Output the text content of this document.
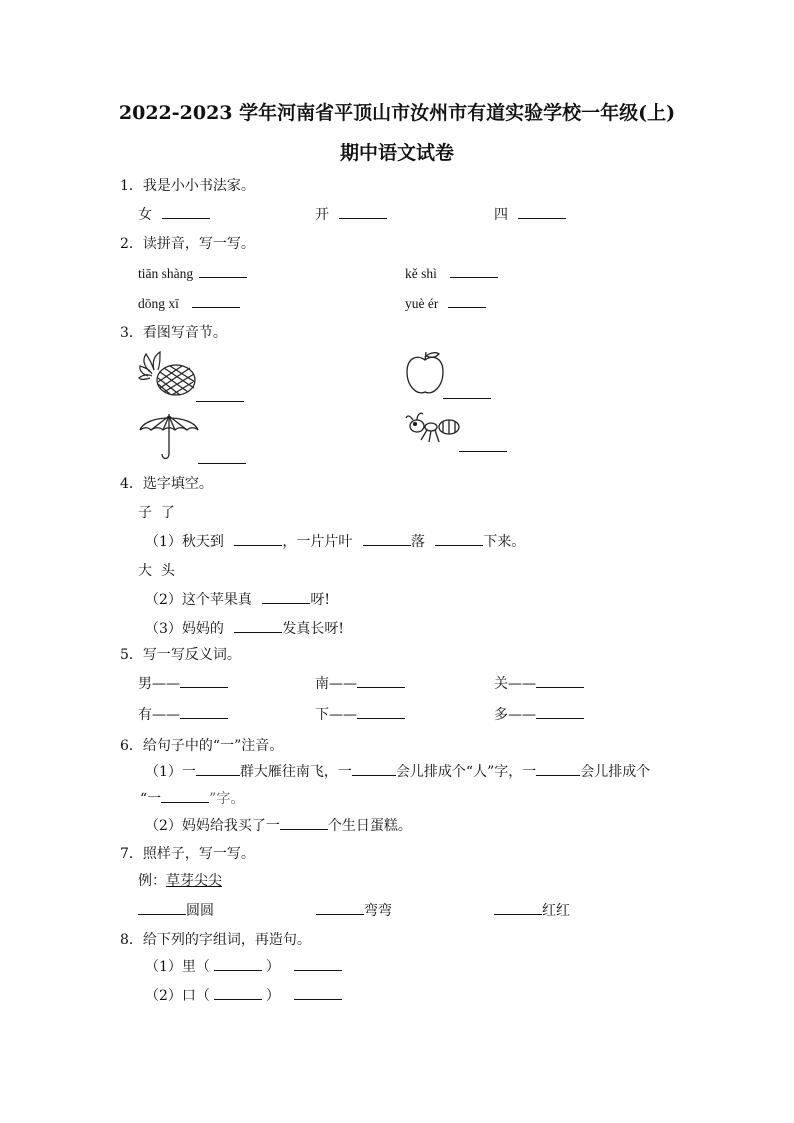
2022-2023 学年河南省平顶山市汝州市有道实验学校一年级(上)
期中语文试卷
1．我是小小书法家。
女	开	四
2．读拼音，写一写。
tiān shàng	kě shì
dōng xī	yuè ér
3．看图写音节。
4．选字填空。
子  了
（1）秋天到	，一片片叶	落	下来。
大  头
（2）这个苹果真	呀!
（3）妈妈的	发真长呀!
5．写一写反义词。
男——	南——	关——
有——	下——	多——
6．给句子中的“一”注音。
（1）一	群大雁往南飞，一	会儿排成个“人”字，一	会儿排成个
“一	”字。
（2）妈妈给我买了一	个生日蛋糕。
7．照样子，写一写。
例：草芽尖尖
圆圆	弯弯	红红
8．给下列的字组词，再造句。
（1）里（	）
（2）口（	）
